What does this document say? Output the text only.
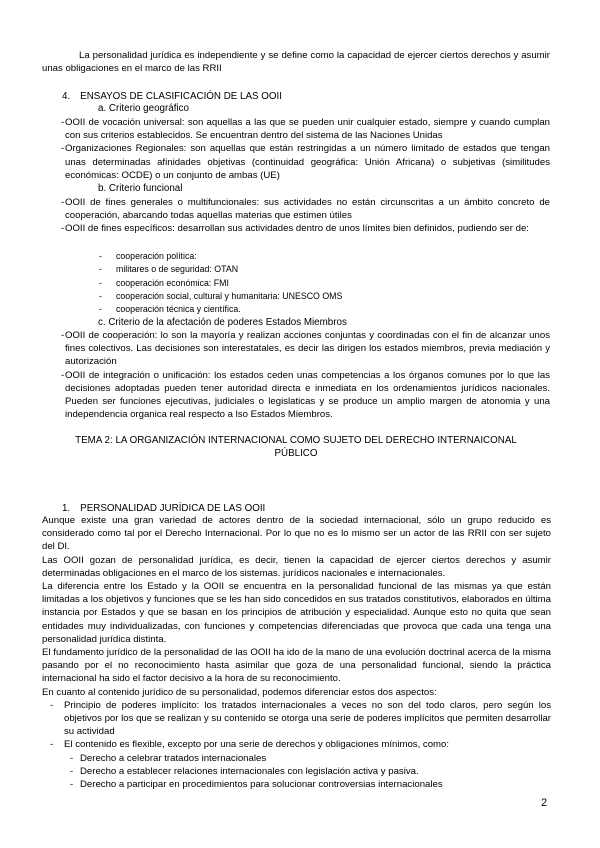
La personalidad jurídica es independiente y se define como la capacidad de ejercer ciertos derechos y asumir unas obligaciones en el marco de las RRII
4. ENSAYOS DE CLASIFICACIÓN DE LAS OOII
a. Criterio geográfico

- OOII de vocación universal: son aquellas a las que se pueden unir cualquier estado, siempre y cuando cumplan con sus criterios establecidos. Se encuentran dentro del sistema de las Naciones Unidas

- Organizaciones Regionales: son aquellas que están restringidas a un número limitado de estados que tengan unas determinadas afinidades objetivas (continuidad geográfica: Unión Africana) o subjetivas (similitudes económicas: OCDE) o un conjunto de ambas (UE)

b. Criterio funcional

- OOII de fines generales o multifuncionales: sus actividades no están circunscritas a un ámbito concreto de cooperación, abarcando todas aquellas materias que estimen útiles

- OOII de fines específicos: desarrollan sus actividades dentro de unos límites bien definidos, pudiendo ser de:

- cooperación política:

- militares o de seguridad: OTAN

- cooperación económica: FMI

- cooperación social, cultural y humanitaria: UNESCO OMS

- cooperación técnica y científica.

c. Criterio de la afectación de poderes Estados Miembros

- OOII de cooperación: lo son la mayoría y realizan acciones conjuntas y coordinadas con el fin de alcanzar unos fines colectivos. Las decisiones son interestatales, es decir las dirigen los estados miembros, previa mediación y autorización

- OOII de integración o unificación: los estados ceden unas competencias a los órganos comunes por lo que las decisiones adoptadas pueden tener autoridad directa e inmediata en los ordenamientos jurídicos nacionales. Pueden ser funciones ejecutivas, judiciales o legislaticas y se produce un amplio margen de atonomia y una independencia organica real respecto a lso Estados Miembros.

TEMA 2: LA ORGANIZACIÓN INTERNACIONAL COMO SUJETO DEL DERECHO INTERNAICONAL

PÚBLICO

1. PERSONALIDAD JURÍDICA DE LAS OOII

Aunque existe una gran variedad de actores dentro de la sociedad internacional, sólo un grupo reducido es considerado como tal por el Derecho Internacional. Por lo que no es lo mismo ser un actor de las RRII con ser sujeto del DI.

Las OOII gozan de personalidad jurídica, es decir, tienen la capacidad de ejercer ciertos derechos y asumir determinadas obligaciones en el marco de los sistemas. jurídicos nacionales e internacionales.

La diferencia entre los Estado y la OOII se encuentra en la personalidad funcional de las mismas ya que están limitadas a los objetivos y funciones que se les han sido concedidos en sus tratados constitutivos, elaborados en última instancia por Estados y que se basan en los principios de atribución y especialidad. Aunque esto no quita que sean entidades muy individualizadas, con funciones y competencias diferenciadas que provoca que cada una tenga una personalidad jurídica distinta.

El fundamento jurídico de la personalidad de las OOII ha ido de la mano de una evolución doctrinal acerca de la misma pasando por el no reconocimiento hasta asimilar que goza de una personalidad funcional, siendo la práctica internacional ha sido el factor decisivo a la hora de su reconocimiento.

En cuanto al contenido jurídico de su personalidad, podemos diferenciar estos dos aspectos:

- Principio de poderes implícito: los tratados internacionales a veces no son del todo claros, pero según los objetivos por los que se realizan y su contenido se otorga una serie de poderes implícitos que permiten desarrollar su actividad

- El contenido es flexible, excepto por una serie de derechos y obligaciones mínimos, como:

- Derecho a celebrar tratados internacionales

- Derecho a establecer relaciones internacionales con legislación activa y pasiva.

- Derecho a participar en procedimientos para solucionar controversias internacionales

2
